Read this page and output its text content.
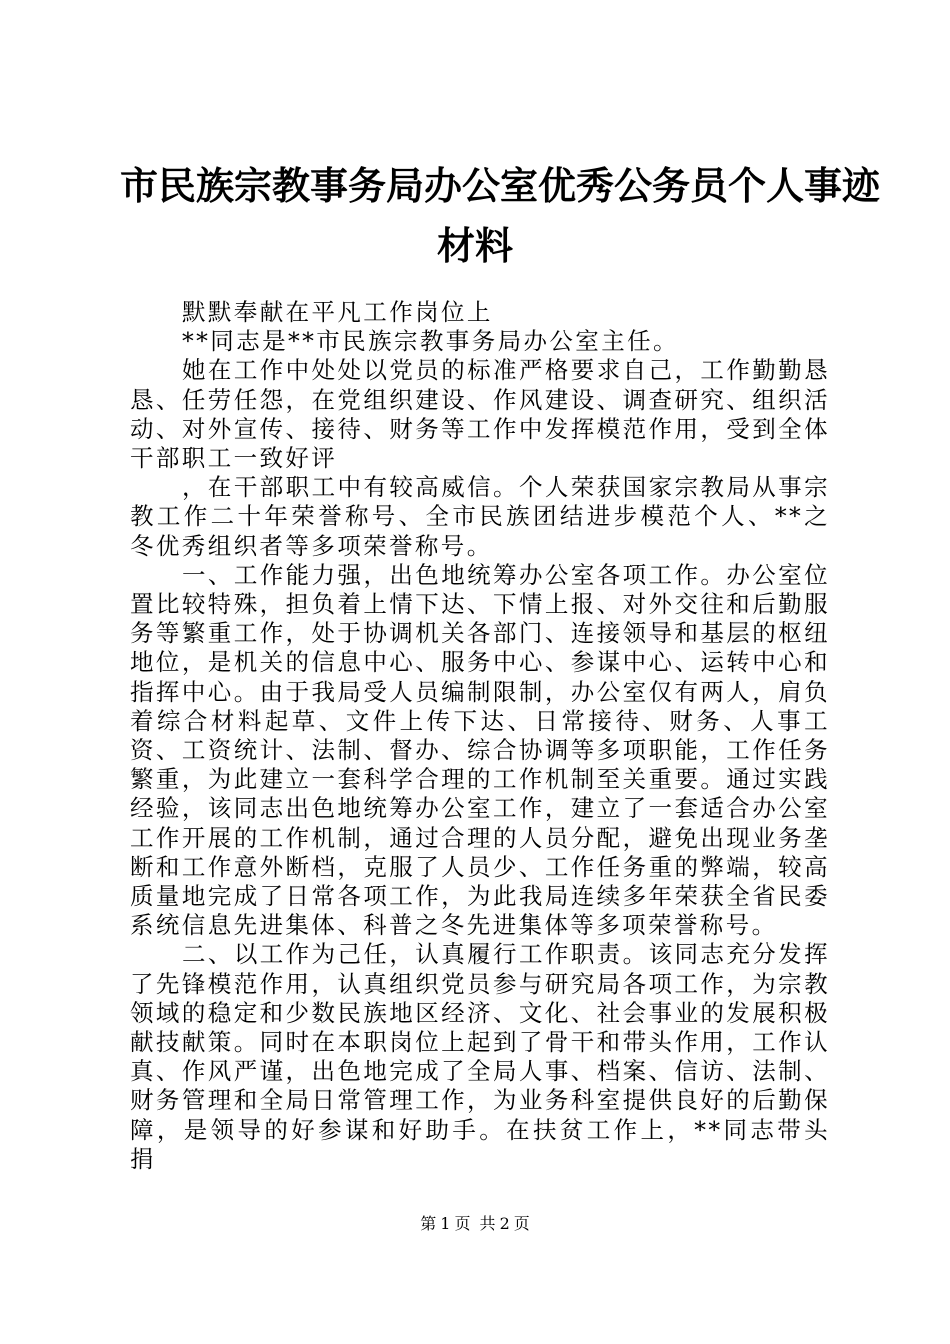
市民族宗教事务局办公室优秀公务员个人事迹
材料

默默奉献在平凡工作岗位上

**同志是**市民族宗教事务局办公室主任。

她在工作中处处以党员的标准严格要求自己，工作勤勤恳恳、任劳任怨，在党组织建设、作风建设、调查研究、组织活动、对外宣传、接待、财务等工作中发挥模范作用，受到全体干部职工一致好评

，在干部职工中有较高威信。个人荣获国家宗教局从事宗教工作二十年荣誉称号、全市民族团结进步模范个人、**之冬优秀组织者等多项荣誉称号。

一、工作能力强，出色地统筹办公室各项工作。办公室位置比较特殊，担负着上情下达、下情上报、对外交往和后勤服务等繁重工作，处于协调机关各部门、连接领导和基层的枢纽地位，是机关的信息中心、服务中心、参谋中心、运转中心和指挥中心。由于我局受人员编制限制，办公室仅有两人，肩负着综合材料起草、文件上传下达、日常接待、财务、人事工资、工资统计、法制、督办、综合协调等多项职能，工作任务繁重，为此建立一套科学合理的工作机制至关重要。通过实践经验，该同志出色地统筹办公室工作，建立了一套适合办公室工作开展的工作机制，通过合理的人员分配，避免出现业务垄断和工作意外断档，克服了人员少、工作任务重的弊端，较高质量地完成了日常各项工作，为此我局连续多年荣获全省民委系统信息先进集体、科普之冬先进集体等多项荣誉称号。

二、以工作为己任，认真履行工作职责。该同志充分发挥了先锋模范作用，认真组织党员参与研究局各项工作，为宗教领域的稳定和少数民族地区经济、文化、社会事业的发展积极献技献策。同时在本职岗位上起到了骨干和带头作用，工作认真、作风严谨，出色地完成了全局人事、档案、信访、法制、财务管理和全局日常管理工作，为业务科室提供良好的后勤保障，是领导的好参谋和好助手。在扶贫工作上，**同志带头捐

第 1 页 共 2 页
